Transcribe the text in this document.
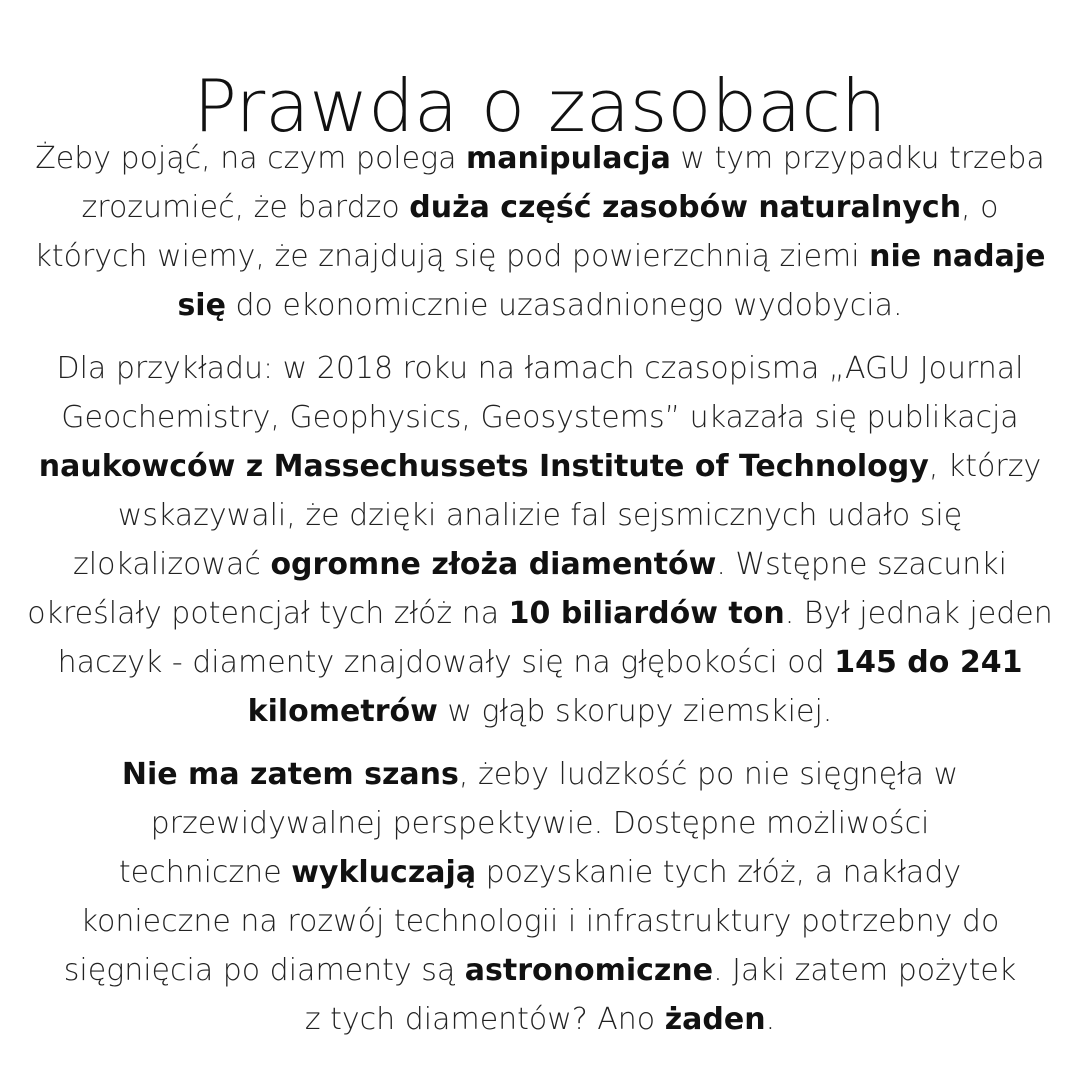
Prawda o zasobach

Żeby pojąć, na czym polega manipulacja w tym przypadku trzeba
zrozumieć, że bardzo duża część zasobów naturalnych, o
których wiemy, że znajdują się pod powierzchnią ziemi nie nadaje
się do ekonomicznie uzasadnionego wydobycia.

Dla przykładu: w 2018 roku na łamach czasopisma „AGU Journal
Geochemistry, Geophysics, Geosystems” ukazała się publikacja
naukowców z Massechussets Institute of Technology, którzy
wskazywali, że dzięki analizie fal sejsmicznych udało się
zlokalizować ogromne złoża diamentów. Wstępne szacunki
określały potencjał tych złóż na 10 biliardów ton. Był jednak jeden
haczyk - diamenty znajdowały się na głębokości od 145 do 241
kilometrów w głąb skorupy ziemskiej.

Nie ma zatem szans, żeby ludzkość po nie sięgnęła w
przewidywalnej perspektywie. Dostępne możliwości
techniczne wykluczają pozyskanie tych złóż, a nakłady
konieczne na rozwój technologii i infrastruktury potrzebny do
sięgnięcia po diamenty są astronomiczne. Jaki zatem pożytek
z tych diamentów? Ano żaden.
